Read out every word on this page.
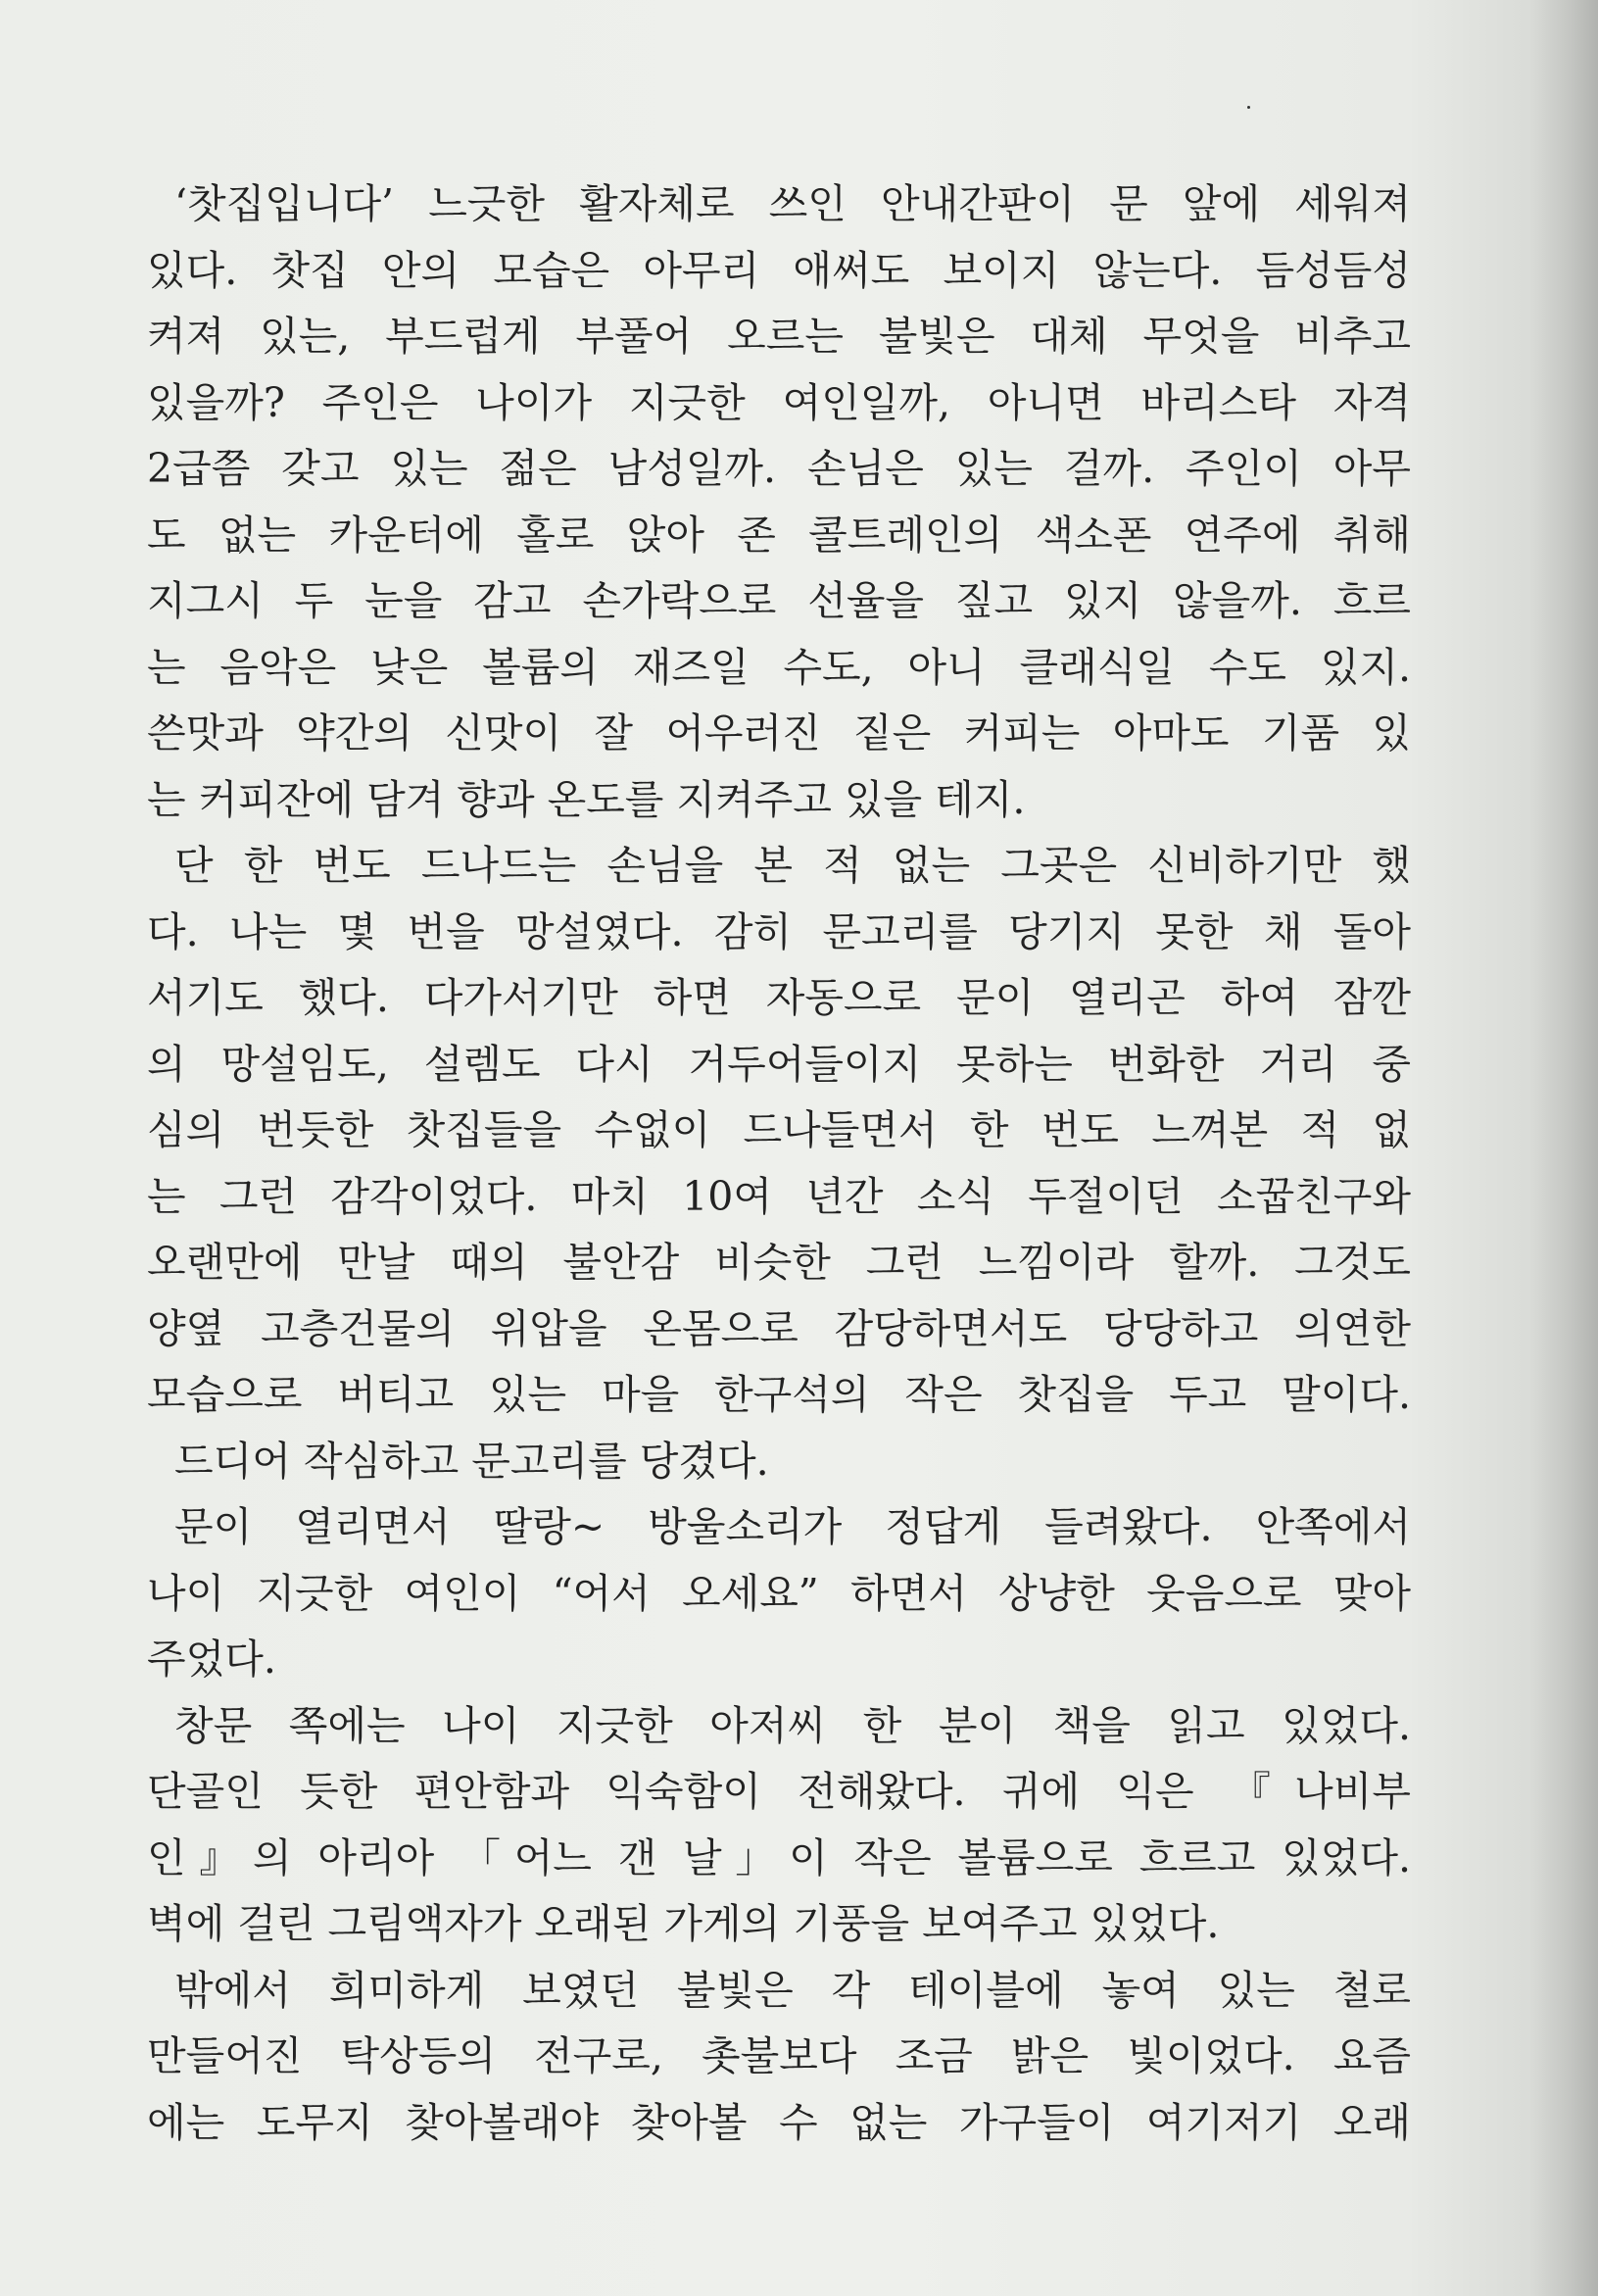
‘찻집입니다’ 느긋한 활자체로 쓰인 안내간판이 문 앞에 세워져
있다. 찻집 안의 모습은 아무리 애써도 보이지 않는다. 듬성듬성
켜져 있는, 부드럽게 부풀어 오르는 불빛은 대체 무엇을 비추고
있을까? 주인은 나이가 지긋한 여인일까, 아니면 바리스타 자격
2급쯤 갖고 있는 젊은 남성일까. 손님은 있는 걸까. 주인이 아무
도 없는 카운터에 홀로 앉아 존 콜트레인의 색소폰 연주에 취해
지그시 두 눈을 감고 손가락으로 선율을 짚고 있지 않을까. 흐르
는 음악은 낮은 볼륨의 재즈일 수도, 아니 클래식일 수도 있지.
쓴맛과 약간의 신맛이 잘 어우러진 짙은 커피는 아마도 기품 있
는 커피잔에 담겨 향과 온도를 지켜주고 있을 테지.
단 한 번도 드나드는 손님을 본 적 없는 그곳은 신비하기만 했
다. 나는 몇 번을 망설였다. 감히 문고리를 당기지 못한 채 돌아
서기도 했다. 다가서기만 하면 자동으로 문이 열리곤 하여 잠깐
의 망설임도, 설렘도 다시 거두어들이지 못하는 번화한 거리 중
심의 번듯한 찻집들을 수없이 드나들면서 한 번도 느껴본 적 없
는 그런 감각이었다. 마치 10여 년간 소식 두절이던 소꿉친구와
오랜만에 만날 때의 불안감 비슷한 그런 느낌이라 할까. 그것도
양옆 고층건물의 위압을 온몸으로 감당하면서도 당당하고 의연한
모습으로 버티고 있는 마을 한구석의 작은 찻집을 두고 말이다.
드디어 작심하고 문고리를 당겼다.
문이 열리면서 딸랑~ 방울소리가 정답게 들려왔다. 안쪽에서
나이 지긋한 여인이 “어서 오세요” 하면서 상냥한 웃음으로 맞아
주었다.
창문 쪽에는 나이 지긋한 아저씨 한 분이 책을 읽고 있었다.
단골인 듯한 편안함과 익숙함이 전해왔다. 귀에 익은 『나비부
인』의 아리아 「어느 갠 날」이 작은 볼륨으로 흐르고 있었다.
벽에 걸린 그림액자가 오래된 가게의 기풍을 보여주고 있었다.
밖에서 희미하게 보였던 불빛은 각 테이블에 놓여 있는 철로
만들어진 탁상등의 전구로, 촛불보다 조금 밝은 빛이었다. 요즘
에는 도무지 찾아볼래야 찾아볼 수 없는 가구들이 여기저기 오래
